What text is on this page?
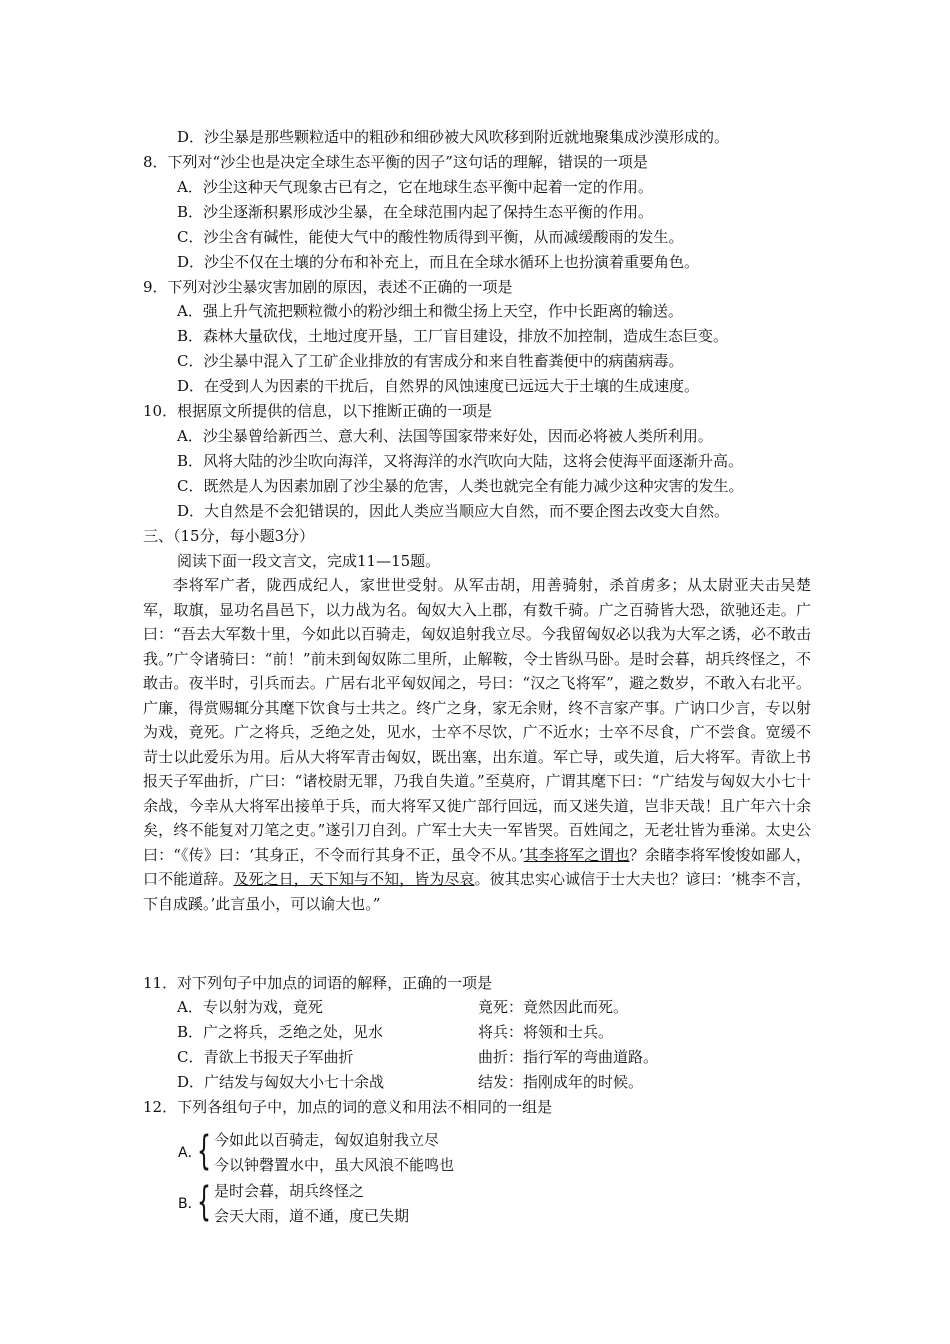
D．沙尘暴是那些颗粒适中的粗砂和细砂被大风吹移到附近就地聚集成沙漠形成的。
8．下列对“沙尘也是决定全球生态平衡的因子”这句话的理解，错误的一项是
A．沙尘这种天气现象古已有之，它在地球生态平衡中起着一定的作用。
B．沙尘逐渐积累形成沙尘暴，在全球范围内起了保持生态平衡的作用。
C．沙尘含有碱性，能使大气中的酸性物质得到平衡，从而减缓酸雨的发生。
D．沙尘不仅在土壤的分布和补充上，而且在全球水循环上也扮演着重要角色。
9．下列对沙尘暴灾害加剧的原因，表述不正确的一项是
A．强上升气流把颗粒微小的粉沙细土和微尘扬上天空，作中长距离的输送。
B．森林大量砍伐，土地过度开垦，工厂盲目建设，排放不加控制，造成生态巨变。
C．沙尘暴中混入了工矿企业排放的有害成分和来自牲畜粪便中的病菌病毒。
D．在受到人为因素的干扰后，自然界的风蚀速度已远远大于土壤的生成速度。
10．根据原文所提供的信息，以下推断正确的一项是
A．沙尘暴曾给新西兰、意大利、法国等国家带来好处，因而必将被人类所利用。
B．风将大陆的沙尘吹向海洋，又将海洋的水汽吹向大陆，这将会使海平面逐渐升高。
C．既然是人为因素加剧了沙尘暴的危害，人类也就完全有能力减少这种灾害的发生。
D．大自然是不会犯错误的，因此人类应当顺应大自然，而不要企图去改变大自然。
三、（15分，每小题3分）
阅读下面一段文言文，完成11—15题。
李将军广者，陇西成纪人，家世世受射。从军击胡，用善骑射，杀首虏多；从太尉亚夫击吴楚军，取旗，显功名昌邑下，以力战为名。匈奴大入上郡，有数千骑。广之百骑皆大恐，欲驰还走。广曰：“吾去大军数十里，今如此以百骑走，匈奴追射我立尽。今我留匈奴必以我为大军之诱，必不敢击我。”广令诸骑曰：“前！”前未到匈奴陈二里所，止解鞍，令士皆纵马卧。是时会暮，胡兵终怪之，不敢击。夜半时，引兵而去。广居右北平匈奴闻之，号曰：“汉之飞将军”，避之数岁，不敢入右北平。广廉，得赏赐辄分其麾下饮食与士共之。终广之身，家无余财，终不言家产事。广讷口少言，专以射为戏，竟死。广之将兵，乏绝之处，见水，士卒不尽饮，广不近水；士卒不尽食，广不尝食。宽缓不苛士以此爱乐为用。后从大将军青击匈奴，既出塞，出东道。军亡导，或失道，后大将军。青欲上书报天子军曲折，广曰：“诸校尉无罪，乃我自失道。”至莫府，广谓其麾下曰：“广结发与匈奴大小七十余战，今幸从大将军出接单于兵，而大将军又徙广部行回远，而又迷失道，岂非天哉！且广年六十余矣，终不能复对刀笔之吏。”遂引刀自刭。广军士大夫一军皆哭。百姓闻之，无老壮皆为垂涕。太史公曰：“《传》曰：‘其身正，不令而行其身不正，虽令不从。’其李将军之谓也？余睹李将军悛悛如鄙人，口不能道辞。及死之日，天下知与不知，皆为尽哀。彼其忠实心诚信于士大夫也？谚曰：‘桃李不言，下自成蹊。’此言虽小，可以谕大也。”
11．对下列句子中加点的词语的解释，正确的一项是
A．专以射为戏，竟死	竟死：竟然因此而死。
B．广之将兵，乏绝之处，见水	将兵：将领和士兵。
C．青欲上书报天子军曲折	曲折：指行军的弯曲道路。
D．广结发与匈奴大小七十余战	结发：指刚成年的时候。
12．下列各组句子中，加点的词的意义和用法不相同的一组是
A．
{ 今如此以百骑走，匈奴追射我立尽
今以钟磬置水中，虽大风浪不能鸣也
B．
{ 是时会暮，胡兵终怪之
会天大雨，道不通，度已失期
